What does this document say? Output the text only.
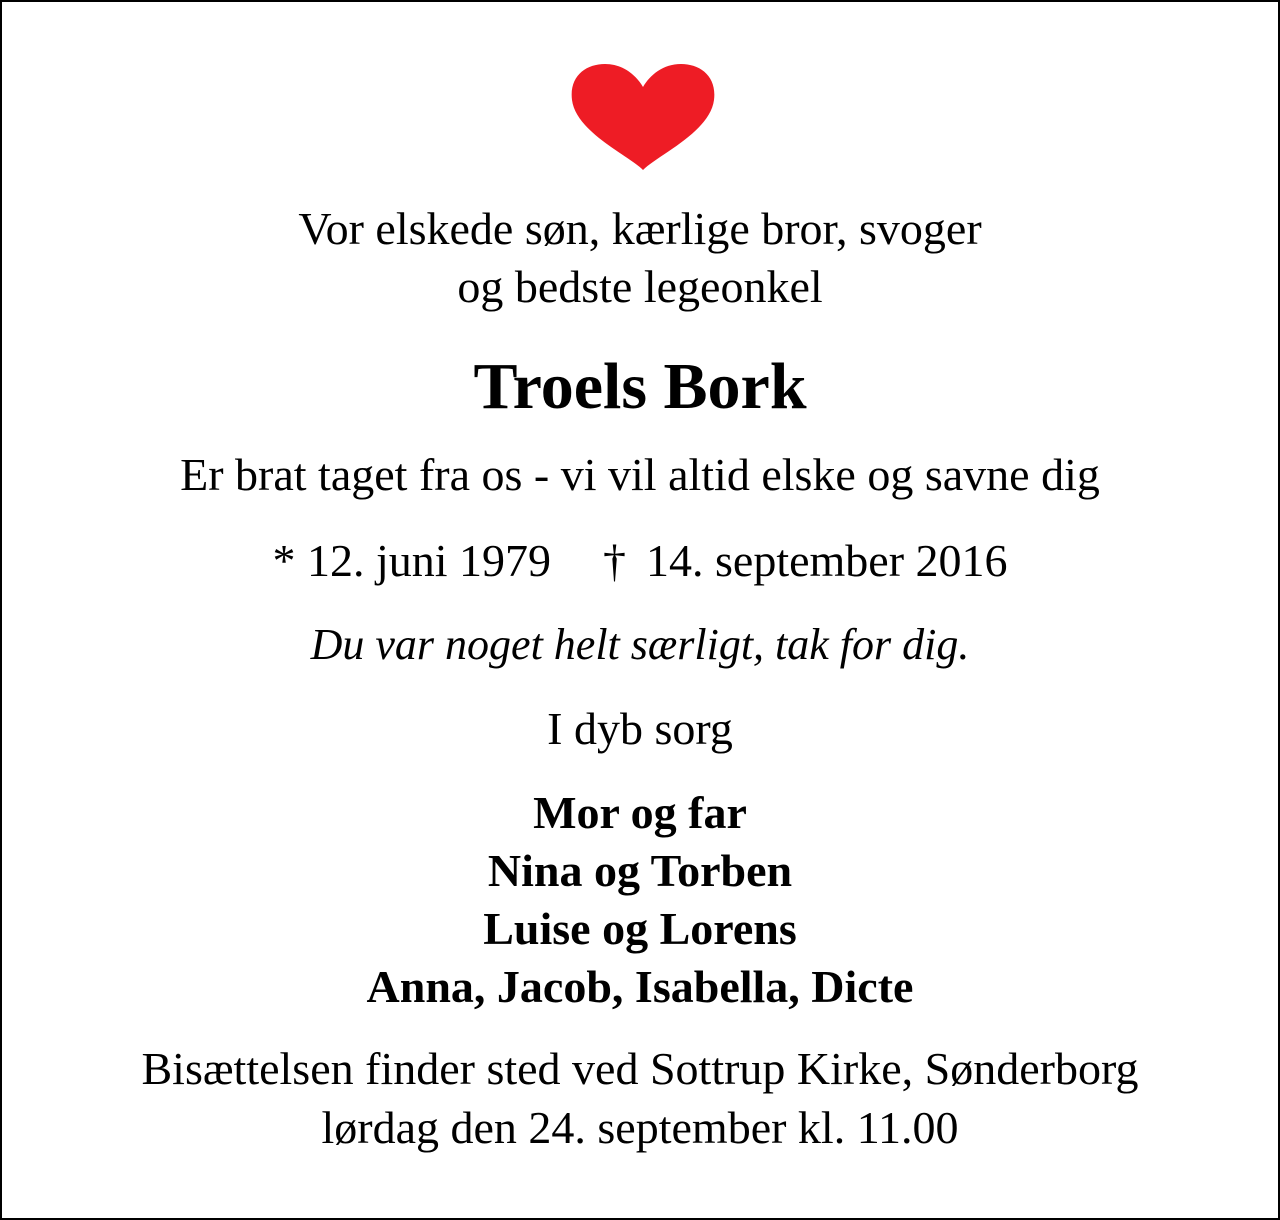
Vor elskede søn, kærlige bror, svoger
og bedste legeonkel
Troels Bork
Er brat taget fra os - vi vil altid elske og savne dig
* 12. juni 1979 † 14. september 2016
Du var noget helt særligt, tak for dig.
I dyb sorg
Mor og far
Nina og Torben
Luise og Lorens
Anna, Jacob, Isabella, Dicte
Bisættelsen finder sted ved Sottrup Kirke, Sønderborg
lørdag den 24. september kl. 11.00
